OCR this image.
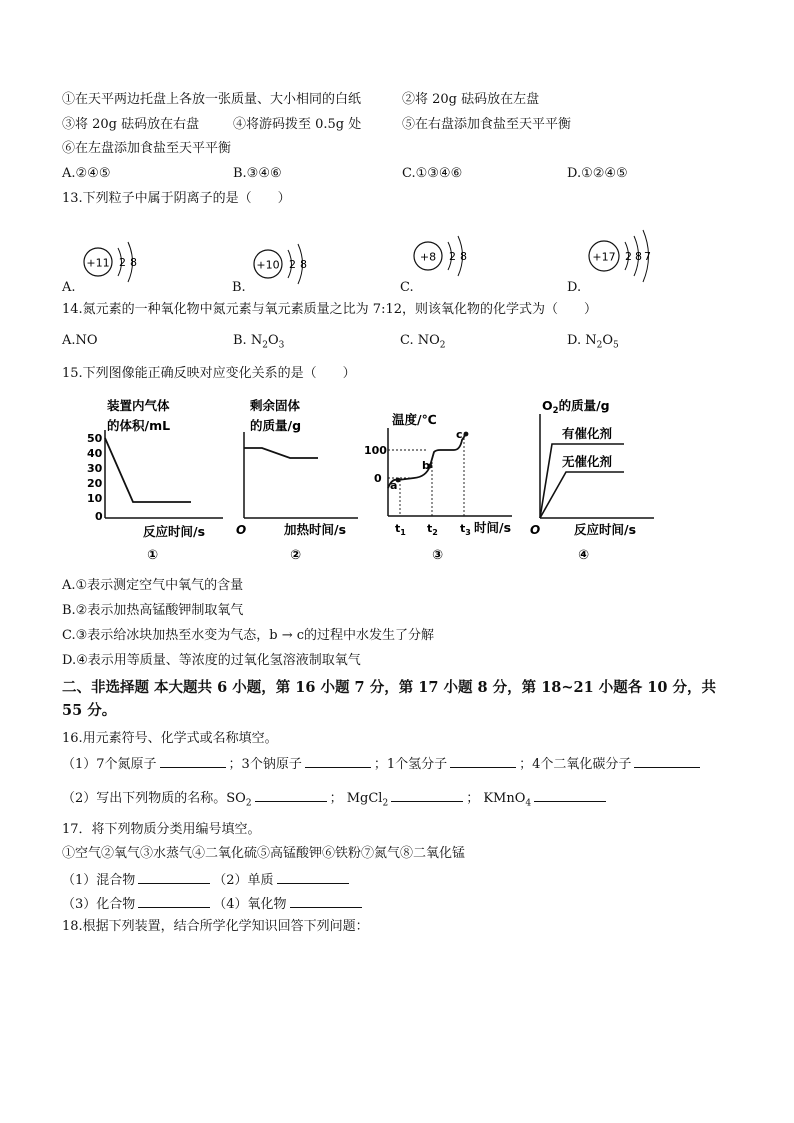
①在天平两边托盘上各放一张质量、大小相同的白纸	②将 20g 砝码放在左盘
③将 20g 砝码放在右盘	④将游码拨至 0.5g 处	⑤在右盘添加食盐至天平平衡
⑥在左盘添加食盐至天平平衡
A.②④⑤	B.③④⑥	C.①③④⑥	D.①②④⑤
13.下列粒子中属于阴离子的是（　　）
+11 2 8
A.
+10 2 8
B.
+8 2 8
C.
+17 2 8 7
D.
14.氮元素的一种氧化物中氮元素与氧元素质量之比为 7:12，则该氧化物的化学式为（　　）
A.NO	B. $N_2O_3$	C. $NO_2$	D. $N_2O_5$
15.下列图像能正确反映对应变化关系的是（　　）
装置内气体
的体积/mL
50
40
30
20
10
0
反应时间/s
①
剩余固体
的质量/g
O	加热时间/s
②
温度/℃
100
0
a
b
c
$t_1$ $t_2$ $t_3$ 时间/s
③
$O_2$的质量/g
有催化剂
无催化剂
O	反应时间/s
④
A.①表示测定空气中氧气的含量
B.②表示加热高锰酸钾制取氧气
C.③表示给冰块加热至水变为气态，b → c的过程中水发生了分解
D.④表示用等质量、等浓度的过氧化氢溶液制取氧气
二、非选择题 本大题共 6 小题，第 16 小题 7 分，第 17 小题 8 分，第 18~21 小题各 10 分，共
55 分。
16.用元素符号、化学式或名称填空。
（1）7个氮原子	；3个钠原子	；1个氢分子	；4个二氧化碳分子
（2）写出下列物质的名称。$SO_2$	； MgCl$_2$	； KMnO$_4$
17．将下列物质分类用编号填空。
①空气②氧气③水蒸气④二氧化硫⑤高锰酸钾⑥铁粉⑦氮气⑧二氧化锰
（1）混合物	（2）单质
（3）化合物	（4）氧化物
18.根据下列装置，结合所学化学知识回答下列问题：
